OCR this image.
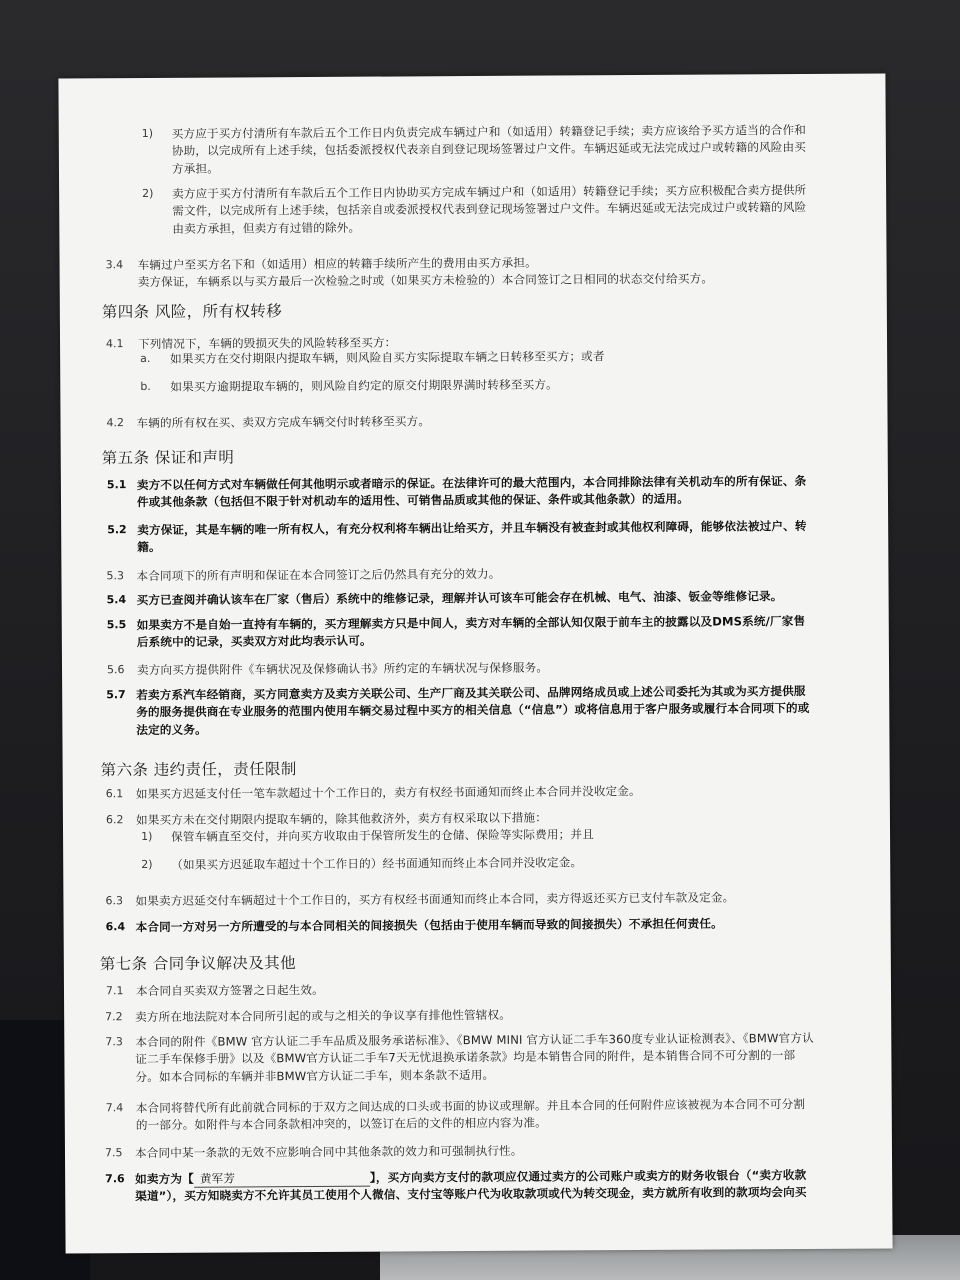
1) 买方应于买方付清所有车款后五个工作日内负责完成车辆过户和（如适用）转籍登记手续；卖方应该给予买方适当的合作和
协助，以完成所有上述手续，包括委派授权代表亲自到登记现场签署过户文件。车辆迟延或无法完成过户或转籍的风险由买
方承担。
2) 卖方应于买方付清所有车款后五个工作日内协助买方完成车辆过户和（如适用）转籍登记手续；买方应积极配合卖方提供所
需文件，以完成所有上述手续，包括亲自或委派授权代表到登记现场签署过户文件。车辆迟延或无法完成过户或转籍的风险
由卖方承担，但卖方有过错的除外。
3.4 车辆过户至买方名下和（如适用）相应的转籍手续所产生的费用由买方承担。
卖方保证，车辆系以与买方最后一次检验之时或（如果买方未检验的）本合同签订之日相同的状态交付给买方。
第四条 风险，所有权转移
4.1 下列情况下，车辆的毁损灭失的风险转移至买方：
a. 如果买方在交付期限内提取车辆，则风险自买方实际提取车辆之日转移至买方；或者
b. 如果买方逾期提取车辆的，则风险自约定的原交付期限界满时转移至买方。
4.2 车辆的所有权在买、卖双方完成车辆交付时转移至买方。
第五条 保证和声明
5.1 卖方不以任何方式对车辆做任何其他明示或者暗示的保证。在法律许可的最大范围内，本合同排除法律有关机动车的所有保证、条
件或其他条款（包括但不限于针对机动车的适用性、可销售品质或其他的保证、条件或其他条款）的适用。
5.2 卖方保证，其是车辆的唯一所有权人，有充分权利将车辆出让给买方，并且车辆没有被查封或其他权利障碍，能够依法被过户、转
籍。
5.3 本合同项下的所有声明和保证在本合同签订之后仍然具有充分的效力。
5.4 买方已查阅并确认该车在厂家（售后）系统中的维修记录，理解并认可该车可能会存在机械、电气、油漆、钣金等维修记录。
5.5 如果卖方不是自始一直持有车辆的，买方理解卖方只是中间人，卖方对车辆的全部认知仅限于前车主的披露以及DMS系统/厂家售
后系统中的记录，买卖双方对此均表示认可。
5.6 卖方向买方提供附件《车辆状况及保修确认书》所约定的车辆状况与保修服务。
5.7 若卖方系汽车经销商，买方同意卖方及卖方关联公司、生产厂商及其关联公司、品牌网络成员或上述公司委托为其或为买方提供服
务的服务提供商在专业服务的范围内使用车辆交易过程中买方的相关信息（“信息”）或将信息用于客户服务或履行本合同项下的或
法定的义务。
第六条 违约责任，责任限制
6.1 如果买方迟延支付任一笔车款超过十个工作日的，卖方有权经书面通知而终止本合同并没收定金。
6.2 如果买方未在交付期限内提取车辆的，除其他救济外，卖方有权采取以下措施：
1) 保管车辆直至交付，并向买方收取由于保管所发生的仓储、保险等实际费用；并且
2) （如果买方迟延取车超过十个工作日的）经书面通知而终止本合同并没收定金。
6.3 如果卖方迟延交付车辆超过十个工作日的，买方有权经书面通知而终止本合同，卖方得返还买方已支付车款及定金。
6.4 本合同一方对另一方所遭受的与本合同相关的间接损失（包括由于使用车辆而导致的间接损失）不承担任何责任。
第七条 合同争议解决及其他
7.1 本合同自买卖双方签署之日起生效。
7.2 卖方所在地法院对本合同所引起的或与之相关的争议享有排他性管辖权。
7.3 本合同的附件《BMW 官方认证二手车品质及服务承诺标准》、《BMW MINI 官方认证二手车360度专业认证检测表》、《BMW官方认
证二手车保修手册》以及《BMW官方认证二手车7天无忧退换承诺条款》均是本销售合同的附件，是本销售合同不可分割的一部
分。如本合同标的车辆并非BMW官方认证二手车，则本条款不适用。
7.4 本合同将替代所有此前就合同标的于双方之间达成的口头或书面的协议或理解。并且本合同的任何附件应该被视为本合同不可分割
的一部分。如附件与本合同条款相冲突的，以签订在后的文件的相应内容为准。
7.5 本合同中某一条款的无效不应影响合同中其他条款的效力和可强制执行性。
7.6 如卖方为【 黄军芳	】，买方向卖方支付的款项应仅通过卖方的公司账户或卖方的财务收银台（“卖方收款
渠道”），买方知晓卖方不允许其员工使用个人微信、支付宝等账户代为收取款项或代为转交现金，卖方就所有收到的款项均会向买
